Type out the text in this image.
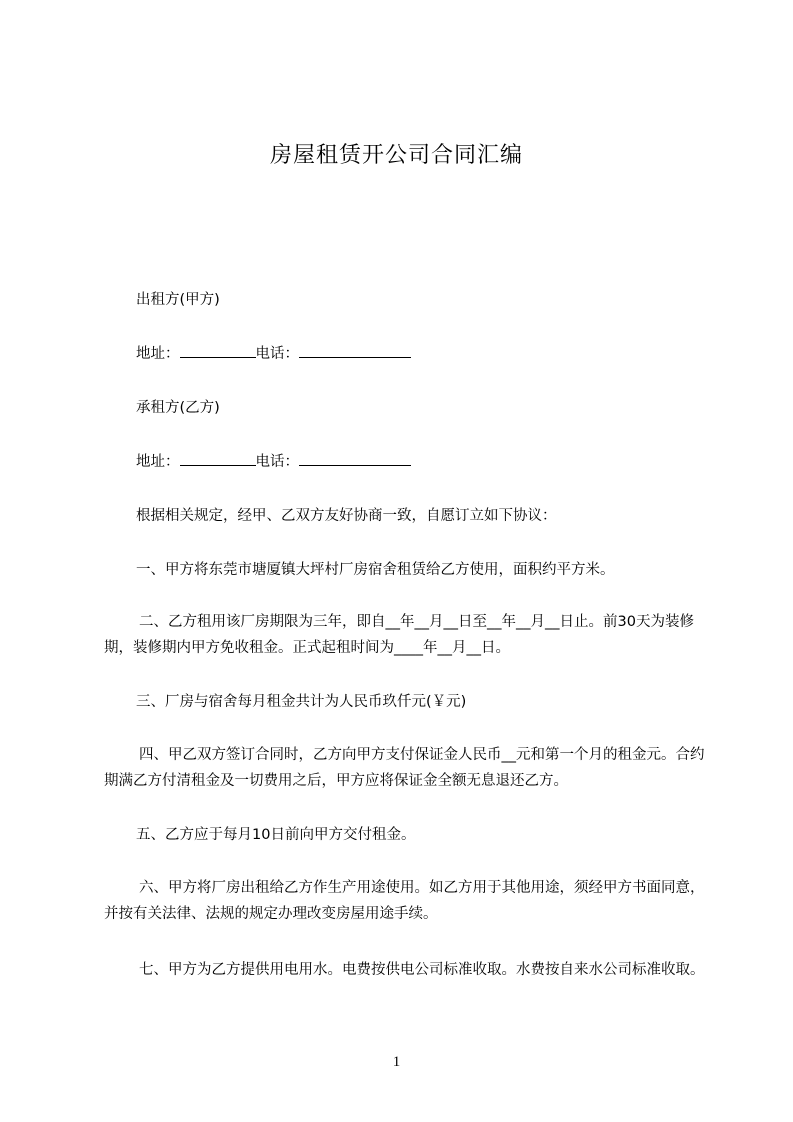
房屋租赁开公司合同汇编

出租方(甲方)

地址：	电话：

承租方(乙方)

地址：	电话：

根据相关规定，经甲、乙双方友好协商一致，自愿订立如下协议：

一、甲方将东莞市塘厦镇大坪村厂房宿舍租赁给乙方使用，面积约平方米。

二、乙方租用该厂房期限为三年，即自__年__月__日至__年__月__日止。前30天为装修期，装修期内甲方免收租金。正式起租时间为____年__月__日。

三、厂房与宿舍每月租金共计为人民币玖仟元(￥元)

四、甲乙双方签订合同时，乙方向甲方支付保证金人民币__元和第一个月的租金元。合约期满乙方付清租金及一切费用之后，甲方应将保证金全额无息退还乙方。

五、乙方应于每月10日前向甲方交付租金。

六、甲方将厂房出租给乙方作生产用途使用。如乙方用于其他用途，须经甲方书面同意，并按有关法律、法规的规定办理改变房屋用途手续。

七、甲方为乙方提供用电用水。电费按供电公司标准收取。水费按自来水公司标准收取。

1
